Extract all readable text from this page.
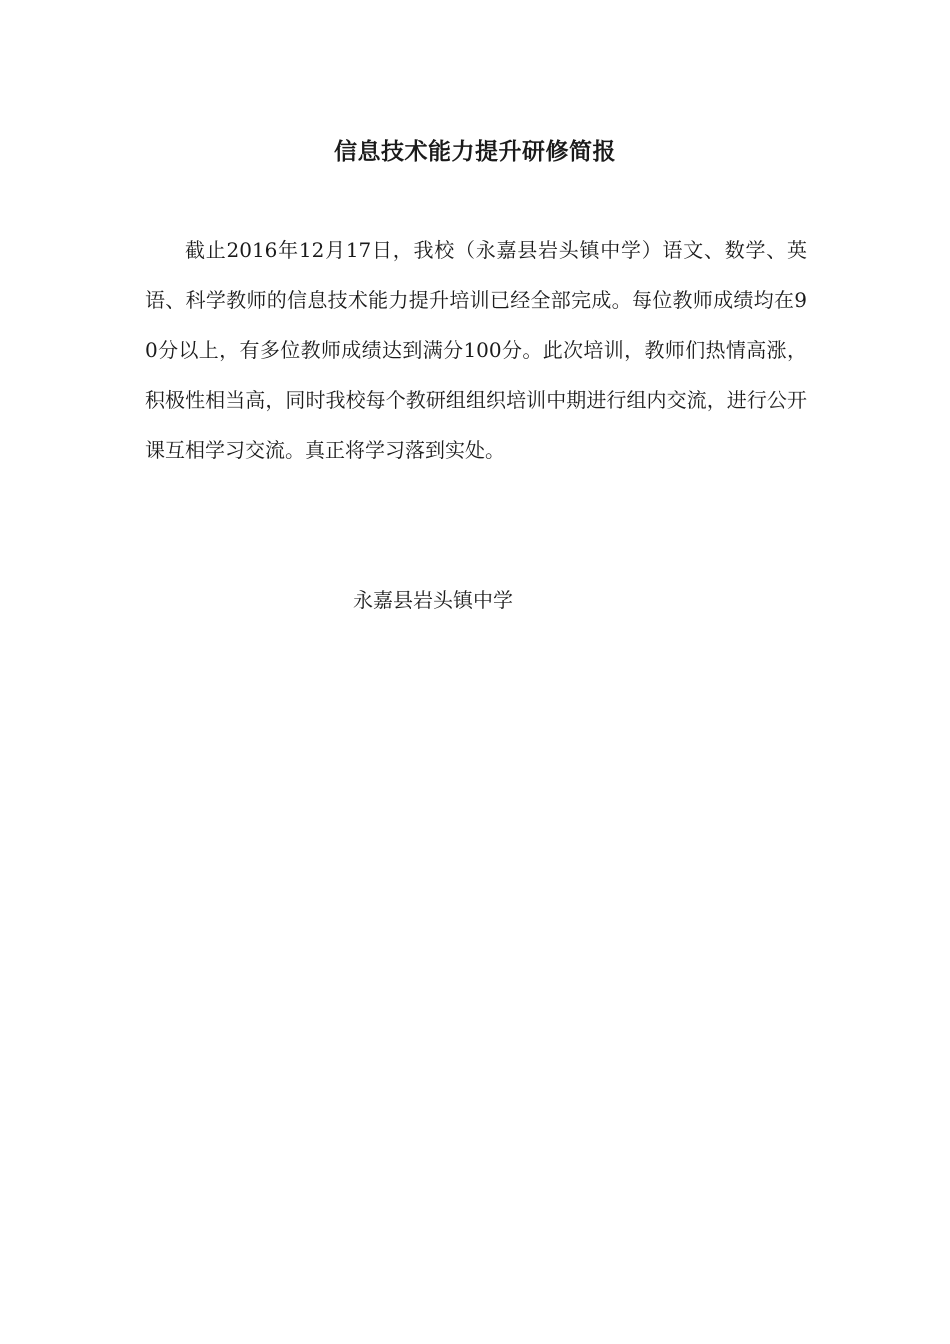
信息技术能力提升研修简报

截止2016年12月17日，我校（永嘉县岩头镇中学）语文、数学、英语、科学教师的信息技术能力提升培训已经全部完成。每位教师成绩均在90分以上，有多位教师成绩达到满分100分。此次培训，教师们热情高涨，积极性相当高，同时我校每个教研组组织培训中期进行组内交流，进行公开课互相学习交流。真正将学习落到实处。

永嘉县岩头镇中学
